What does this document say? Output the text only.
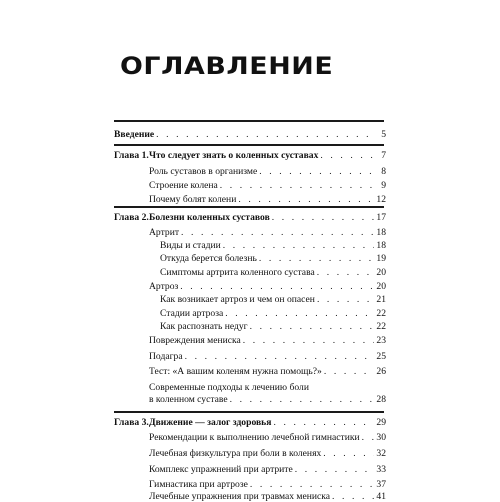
ОГЛАВЛЕНИЕ
Введение . . .	5
Глава 1. Что следует знать о коленных суставах . . .	7
Роль суставов в организме . . .	8
Строение колена . . .	9
Почему болят колени . . .	12
Глава 2. Болезни коленных суставов . . .	17
Артрит . . .	18
Виды и стадии . . .	18
Откуда берется болезнь . . .	19
Симптомы артрита коленного сустава . . .	20
Артроз . . .	20
Как возникает артроз и чем он опасен . . .	21
Стадии артроза . . .	22
Как распознать недуг . . .	22
Повреждения мениска . . .	23
Подагра . . .	25
Тест: «А вашим коленям нужна помощь?» . . .	26
Современные подходы к лечению боли
в коленном суставе . . .	28
Глава 3. Движение — залог здоровья . . .	29
Рекомендации к выполнению лечебной гимнастики . . . 30
Лечебная физкультура при боли в коленях . . .	32
Комплекс упражнений при артрите . . .	33
Гимнастика при артрозе . . .	37
Лечебные упражнения при травмах мениска . . .	41
